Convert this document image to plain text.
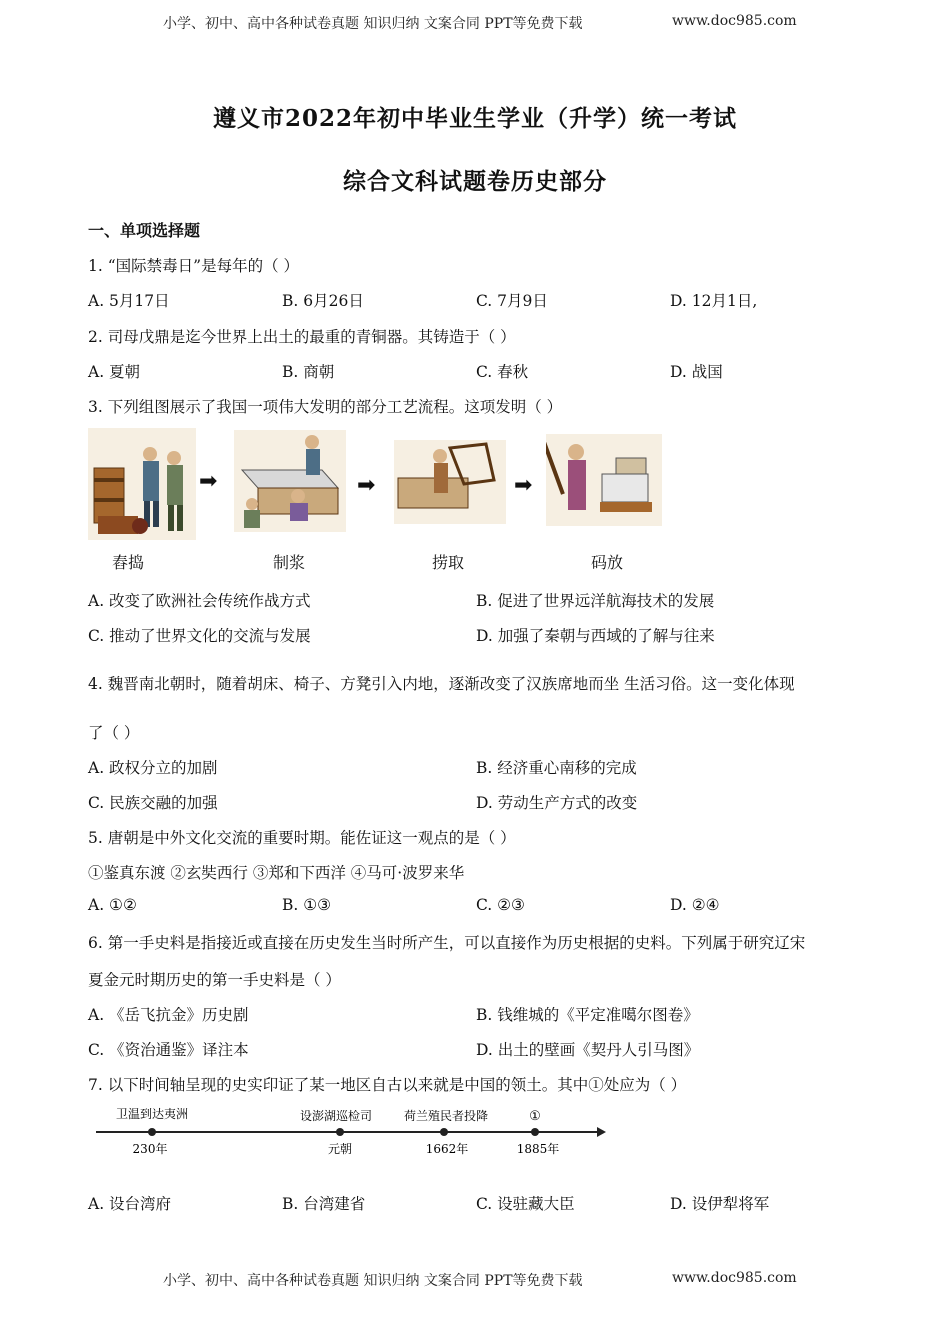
小学、初中、高中各种试卷真题 知识归纳 文案合同 PPT等免费下载	www.doc985.com
遵义市2022年初中毕业生学业（升学）统一考试
综合文科试题卷历史部分
一、单项选择题
1. “国际禁毒日”是每年的（ ）
A. 5月17日	B. 6月26日	C. 7月9日	D. 12月1日,
2. 司母戊鼎是迄今世界上出土的最重的青铜器。其铸造于（ ）
A. 夏朝	B. 商朝	C. 春秋	D. 战国
3. 下列组图展示了我国一项伟大发明的部分工艺流程。这项发明（ ）
➡	➡	➡
舂捣	制浆	捞取	码放
A. 改变了欧洲社会传统作战方式	B. 促进了世界远洋航海技术的发展
C. 推动了世界文化的交流与发展	D. 加强了秦朝与西域的了解与往来
4. 魏晋南北朝时，随着胡床、椅子、方凳引入内地，逐渐改变了汉族席地而坐 生活习俗。这一变化体现
了（ ）
A. 政权分立的加剧	B. 经济重心南移的完成
C. 民族交融的加强	D. 劳动生产方式的改变
5. 唐朝是中外文化交流的重要时期。能佐证这一观点的是（ ）
①鉴真东渡 ②玄奘西行 ③郑和下西洋 ④马可·波罗来华
A. ①②	B. ①③	C. ②③	D. ②④
6. 第一手史料是指接近或直接在历史发生当时所产生，可以直接作为历史根据的史料。下列属于研究辽宋
夏金元时期历史的第一手史料是（ ）
A. 《岳飞抗金》历史剧	B. 钱维城的《平定准噶尔图卷》
C. 《资治通鉴》译注本	D. 出土的壁画《契丹人引马图》
7. 以下时间轴呈现的史实印证了某一地区自古以来就是中国的领土。其中①处应为（ ）
卫温到达夷洲	设澎湖巡检司	荷兰殖民者投降	①
230年	元朝	1662年	1885年
A. 设台湾府	B. 台湾建省	C. 设驻藏大臣	D. 设伊犁将军
小学、初中、高中各种试卷真题 知识归纳 文案合同 PPT等免费下载	www.doc985.com
